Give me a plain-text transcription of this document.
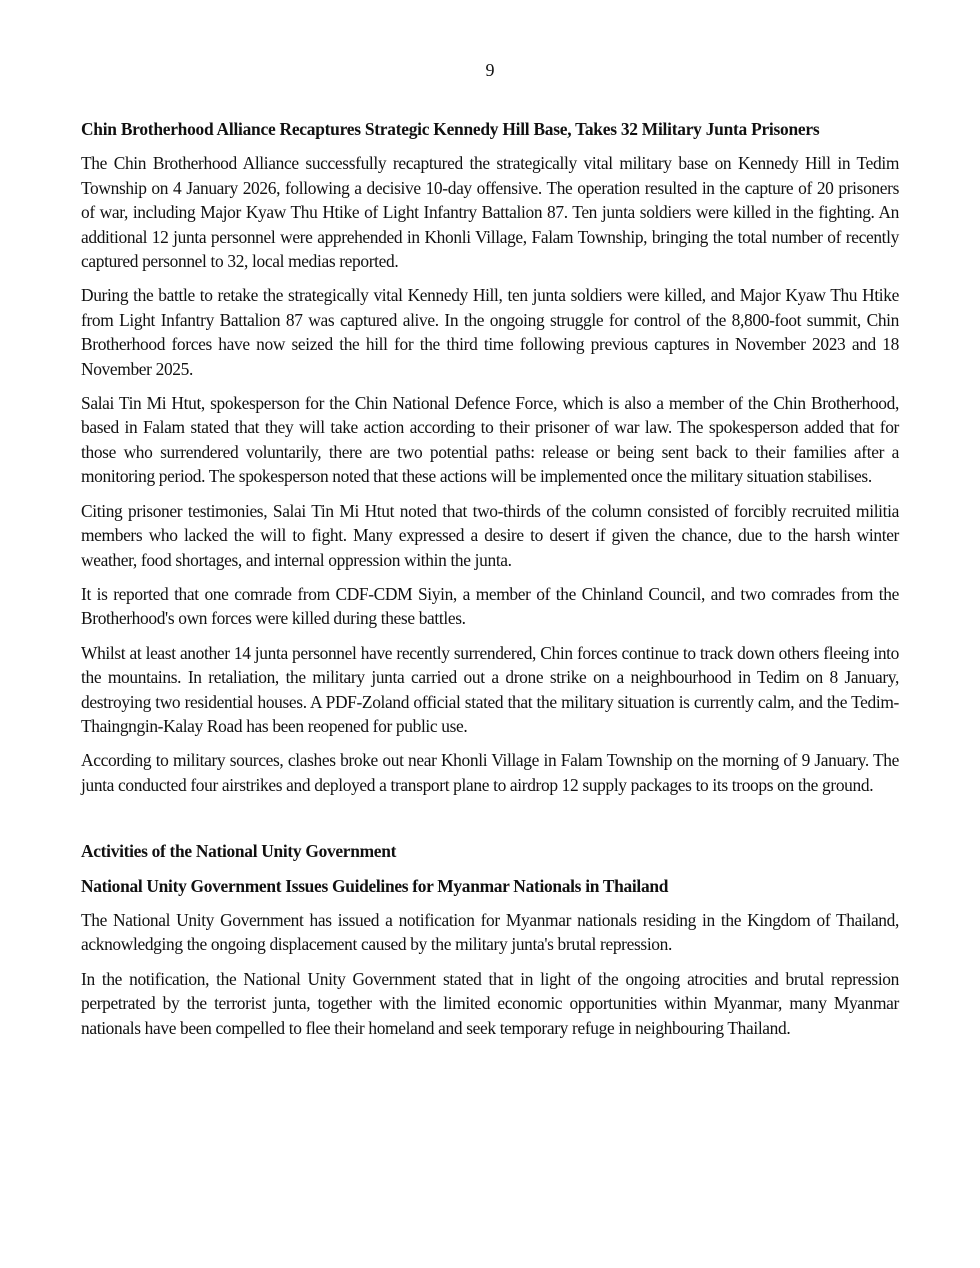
9
Chin Brotherhood Alliance Recaptures Strategic Kennedy Hill Base, Takes 32 Military Junta Prisoners

The Chin Brotherhood Alliance successfully recaptured the strategically vital military base on Kennedy Hill in Tedim Township on 4 January 2026, following a decisive 10-day offensive. The operation resulted in the capture of 20 prisoners of war, including Major Kyaw Thu Htike of Light Infantry Battalion 87. Ten junta soldiers were killed in the fighting. An additional 12 junta personnel were apprehended in Khonli Village, Falam Township, bringing the total number of recently captured personnel to 32, local medias reported.

During the battle to retake the strategically vital Kennedy Hill, ten junta soldiers were killed, and Major Kyaw Thu Htike from Light Infantry Battalion 87 was captured alive. In the ongoing struggle for control of the 8,800-foot summit, Chin Brotherhood forces have now seized the hill for the third time following previous captures in November 2023 and 18 November 2025.

Salai Tin Mi Htut, spokesperson for the Chin National Defence Force, which is also a member of the Chin Brotherhood, based in Falam stated that they will take action according to their prisoner of war law. The spokesperson added that for those who surrendered voluntarily, there are two potential paths: release or being sent back to their families after a monitoring period. The spokesperson noted that these actions will be implemented once the military situation stabilises.

Citing prisoner testimonies, Salai Tin Mi Htut noted that two-thirds of the column consisted of forcibly recruited militia members who lacked the will to fight. Many expressed a desire to desert if given the chance, due to the harsh winter weather, food shortages, and internal oppression within the junta.

It is reported that one comrade from CDF-CDM Siyin, a member of the Chinland Council, and two comrades from the Brotherhood's own forces were killed during these battles.

Whilst at least another 14 junta personnel have recently surrendered, Chin forces continue to track down others fleeing into the mountains. In retaliation, the military junta carried out a drone strike on a neighbourhood in Tedim on 8 January, destroying two residential houses. A PDF-Zoland official stated that the military situation is currently calm, and the Tedim-Thaingngin-Kalay Road has been reopened for public use.

According to military sources, clashes broke out near Khonli Village in Falam Township on the morning of 9 January. The junta conducted four airstrikes and deployed a transport plane to airdrop 12 supply packages to its troops on the ground.

Activities of the National Unity Government
National Unity Government Issues Guidelines for Myanmar Nationals in Thailand

The National Unity Government has issued a notification for Myanmar nationals residing in the Kingdom of Thailand, acknowledging the ongoing displacement caused by the military junta's brutal repression.

In the notification, the National Unity Government stated that in light of the ongoing atrocities and brutal repression perpetrated by the terrorist junta, together with the limited economic opportunities within Myanmar, many Myanmar nationals have been compelled to flee their homeland and seek temporary refuge in neighbouring Thailand.
